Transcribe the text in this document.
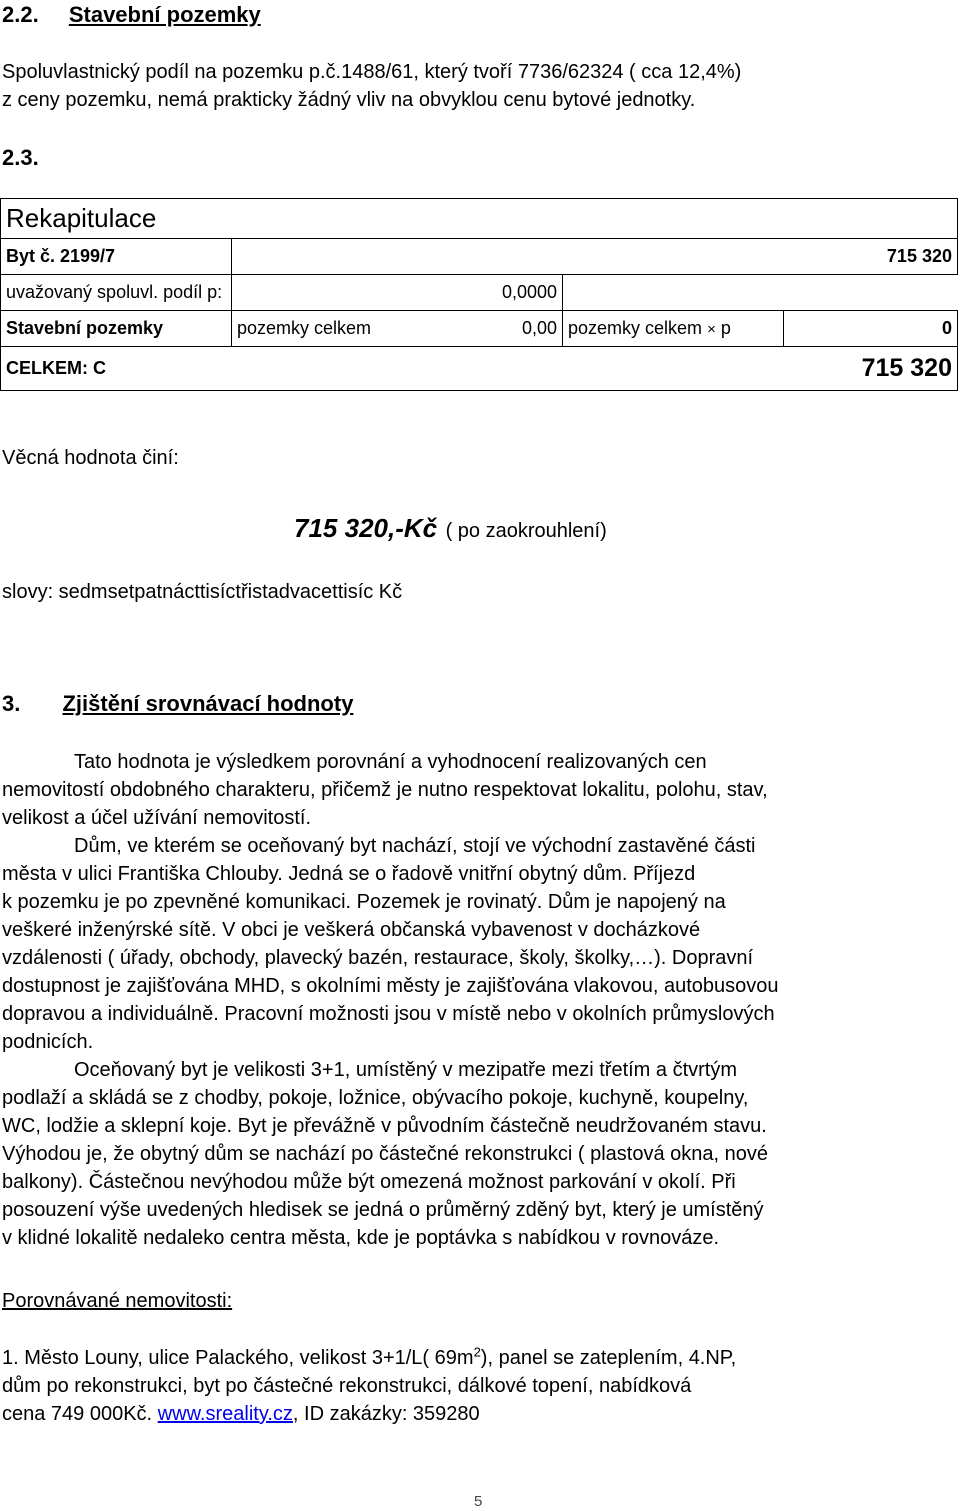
2.2. Stavební pozemky
Spoluvlastnický podíl na pozemku p.č.1488/61, který tvoří 7736/62324 ( cca 12,4%)
z ceny pozemku, nemá prakticky žádný vliv na obvyklou cenu bytové jednotky.
2.3.
Rekapitulace				
Byt č. 2199/7	715 320			
uvažovaný spoluvl. podíl p:	0,0000			
Stavební pozemky	pozemky celkem	0,00	pozemky celkem × p	0
CELKEM: C	715 320			
Věcná hodnota činí:
715 320,-Kč ( po zaokrouhlení)
slovy: sedmsetpatnácttisíctřistadvacettisíc Kč
3. Zjištění srovnávací hodnoty
Tato hodnota je výsledkem porovnání a vyhodnocení realizovaných cen
nemovitostí obdobného charakteru, přičemž je nutno respektovat lokalitu, polohu, stav,
velikost a účel užívání nemovitostí.
Dům, ve kterém se oceňovaný byt nachází, stojí ve východní zastavěné části
města v ulici Františka Chlouby. Jedná se o řadově vnitřní obytný dům. Příjezd
k pozemku je po zpevněné komunikaci. Pozemek je rovinatý. Dům je napojený na
veškeré inženýrské sítě. V obci je veškerá občanská vybavenost v docházkové
vzdálenosti ( úřady, obchody, plavecký bazén, restaurace, školy, školky,…). Dopravní
dostupnost je zajišťována MHD, s okolními městy je zajišťována vlakovou, autobusovou
dopravou a individuálně. Pracovní možnosti jsou v místě nebo v okolních průmyslových
podnicích.
Oceňovaný byt je velikosti 3+1, umístěný v mezipatře mezi třetím a čtvrtým
podlaží a skládá se z chodby, pokoje, ložnice, obývacího pokoje, kuchyně, koupelny,
WC, lodžie a sklepní koje. Byt je převážně v původním částečně neudržovaném stavu.
Výhodou je, že obytný dům se nachází po částečné rekonstrukci ( plastová okna, nové
balkony). Částečnou nevýhodou může být omezená možnost parkování v okolí. Při
posouzení výše uvedených hledisek se jedná o průměrný zděný byt, který je umístěný
v klidné lokalitě nedaleko centra města, kde je poptávka s nabídkou v rovnováze.
Porovnávané nemovitosti:
1. Město Louny, ulice Palackého, velikost 3+1/L( $69m^2$), panel se zateplením, 4.NP,
dům po rekonstrukci, byt po částečné rekonstrukci, dálkové topení, nabídková
cena 749 000Kč. www.sreality.cz, ID zakázky: 359280
5
